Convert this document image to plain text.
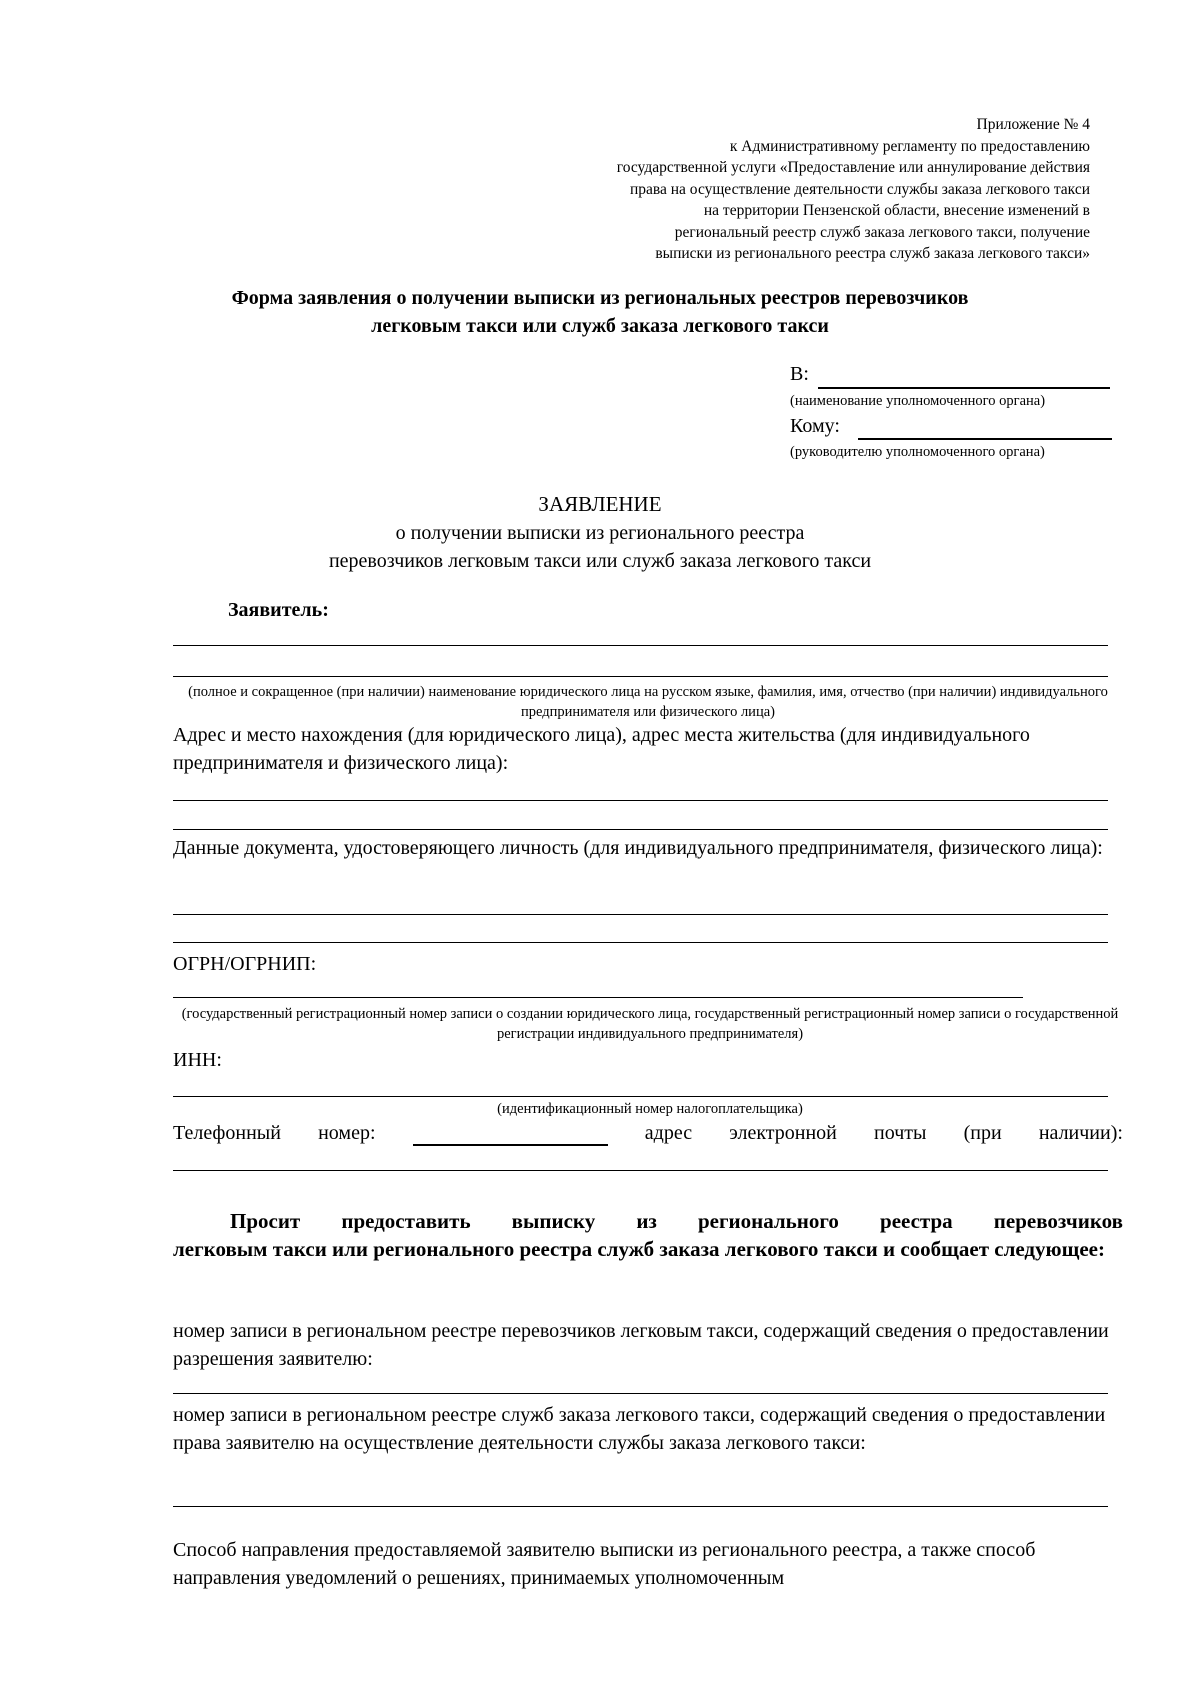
Приложение № 4
к Административному регламенту по предоставлению
государственной услуги «Предоставление или аннулирование действия
права на осуществление деятельности службы заказа легкового такси
на территории Пензенской области, внесение изменений в
региональный реестр служб заказа легкового такси, получение
выписки из регионального реестра служб заказа легкового такси»
Форма заявления о получении выписки из региональных реестров перевозчиков
легковым такси или служб заказа легкового такси
В:
(наименование уполномоченного органа)
Кому:
(руководителю уполномоченного органа)
ЗАЯВЛЕНИЕ
о получении выписки из регионального реестра
перевозчиков легковым такси или служб заказа легкового такси
Заявитель:
(полное и сокращенное (при наличии) наименование юридического лица на русском языке, фамилия, имя, отчество (при наличии) индивидуального предпринимателя или физического лица)
Адрес и место нахождения (для юридического лица), адрес места жительства (для индивидуального предпринимателя и физического лица):
Данные документа, удостоверяющего личность (для индивидуального предпринимателя, физического лица):
ОГРН/ОГРНИП:
(государственный регистрационный номер записи о создании юридического лица, государственный регистрационный номер записи о государственной регистрации индивидуального предпринимателя)
ИНН:
(идентификационный номер налогоплательщика)
Телефонный номер:	адрес электронной почты (при наличии):
Просит предоставить выписку из регионального реестра перевозчиков
легковым такси или регионального реестра служб заказа легкового такси и сообщает следующее:
номер записи в региональном реестре перевозчиков легковым такси, содержащий сведения о предоставлении разрешения заявителю:
номер записи в региональном реестре служб заказа легкового такси, содержащий сведения о предоставлении права заявителю на осуществление деятельности службы заказа легкового такси:
Способ направления предоставляемой заявителю выписки из регионального реестра, а также способ направления уведомлений о решениях, принимаемых уполномоченным
